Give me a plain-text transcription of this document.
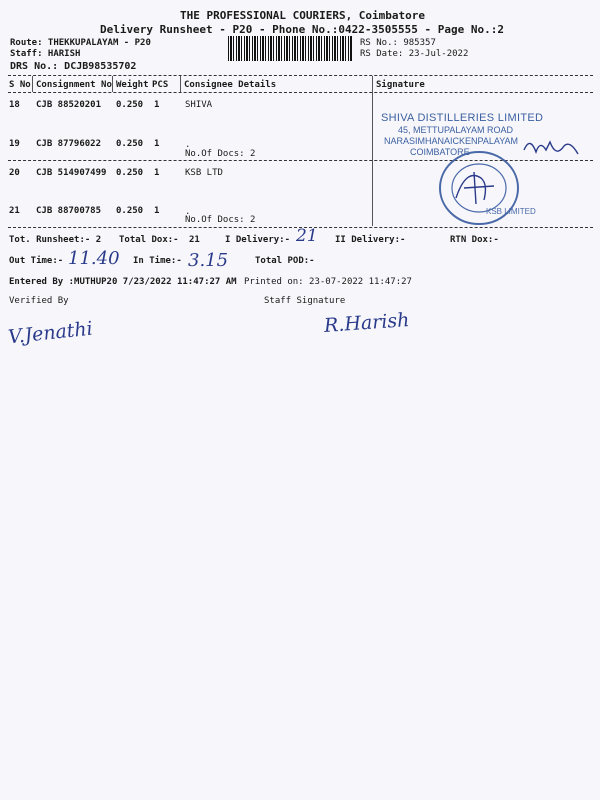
THE PROFESSIONAL COURIERS, Coimbatore
Delivery Runsheet - P20 - Phone No.:0422-3505555 - Page No.:2
Route: THEKKUPALAYAM - P20
Staff: HARISH
DRS No.: DCJB98535702
RS No.: 985357
RS Date: 23-Jul-2022
S No Consignment No Weight PCS Consignee Details	Signature
18 CJB 88520201 0.250 1	SHIVA
19 CJB 87796022 0.250 1	.
No.Of Docs: 2
20 CJB 514907499 0.250 1	KSB LTD
21 CJB 88700785 0.250 1	.
No.Of Docs: 2
SHIVA DISTILLERIES LIMITED
45, METTUPALAYAM ROAD
NARASIMHANAICKENPALAYAM
COIMBATORE
KSB LIMITED
Tot. Runsheet:- 2 Total Dox:- 21	I Delivery:- 21 II Delivery:-	RTN Dox:-
Out Time:- 11.40 In Time:- 3.15	Total POD:-
Entered By :MUTHUP20 7/23/2022 11:47:27 AM Printed on: 23-07-2022 11:47:27
Verified By	Staff Signature
V.Jenathi	R.Harish
